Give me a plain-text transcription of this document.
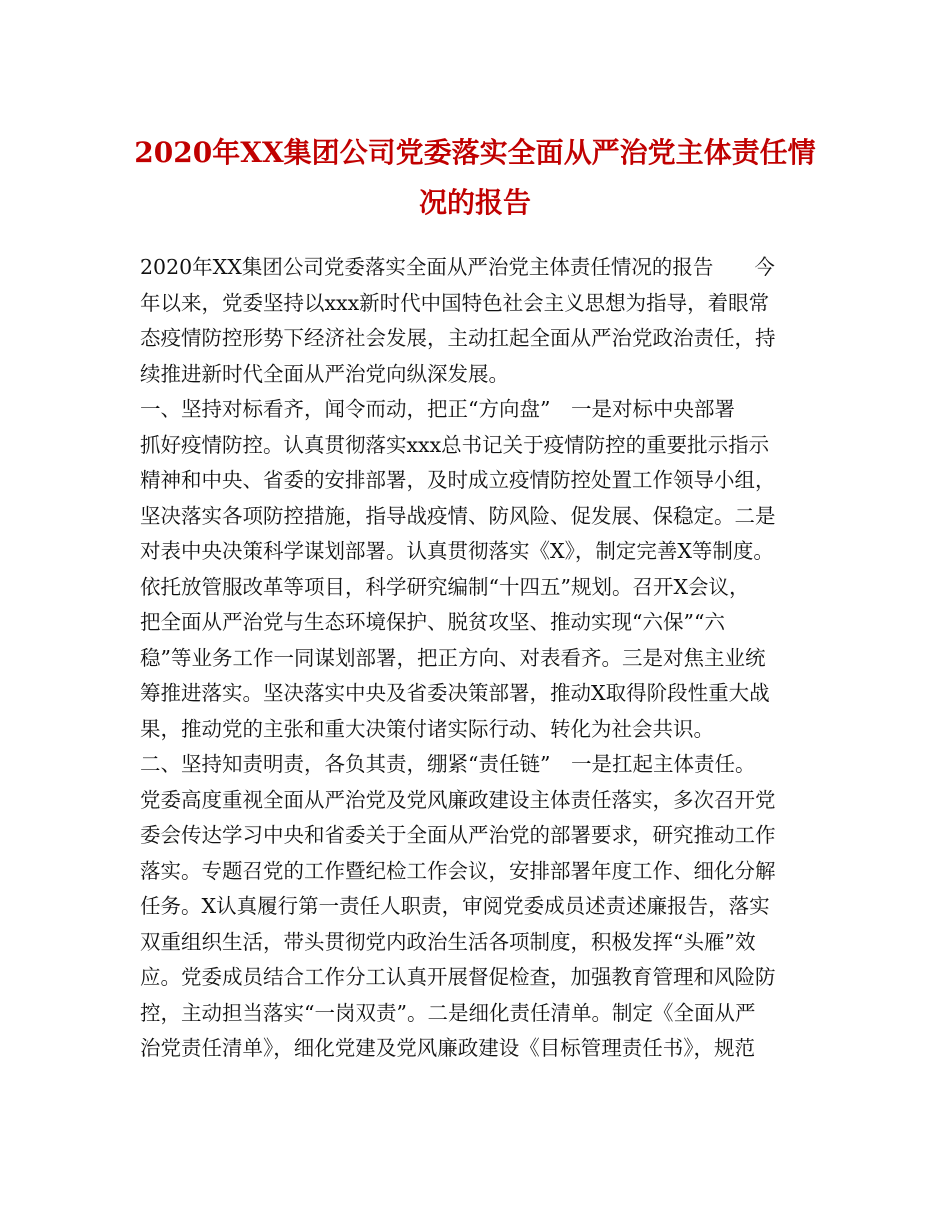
2020年XX集团公司党委落实全面从严治党主体责任情
况的报告
2020年XX集团公司党委落实全面从严治党主体责任情况的报告　　今
年以来，党委坚持以xxx新时代中国特色社会主义思想为指导，着眼常
态疫情防控形势下经济社会发展，主动扛起全面从严治党政治责任，持
续推进新时代全面从严治党向纵深发展。
一、坚持对标看齐，闻令而动，把正“方向盘”　一是对标中央部署
抓好疫情防控。认真贯彻落实xxx总书记关于疫情防控的重要批示指示
精神和中央、省委的安排部署，及时成立疫情防控处置工作领导小组，
坚决落实各项防控措施，指导战疫情、防风险、促发展、保稳定。二是
对表中央决策科学谋划部署。认真贯彻落实《X》，制定完善X等制度。
依托放管服改革等项目，科学研究编制“十四五”规划。召开X会议，
把全面从严治党与生态环境保护、脱贫攻坚、推动实现“六保”“六
稳”等业务工作一同谋划部署，把正方向、对表看齐。三是对焦主业统
筹推进落实。坚决落实中央及省委决策部署，推动X取得阶段性重大战
果，推动党的主张和重大决策付诸实际行动、转化为社会共识。
二、坚持知责明责，各负其责，绷紧“责任链”　一是扛起主体责任。
党委高度重视全面从严治党及党风廉政建设主体责任落实，多次召开党
委会传达学习中央和省委关于全面从严治党的部署要求，研究推动工作
落实。专题召党的工作暨纪检工作会议，安排部署年度工作、细化分解
任务。X认真履行第一责任人职责，审阅党委成员述责述廉报告，落实
双重组织生活，带头贯彻党内政治生活各项制度，积极发挥“头雁”效
应。党委成员结合工作分工认真开展督促检查，加强教育管理和风险防
控，主动担当落实“一岗双责”。二是细化责任清单。制定《全面从严
治党责任清单》，细化党建及党风廉政建设《目标管理责任书》，规范
